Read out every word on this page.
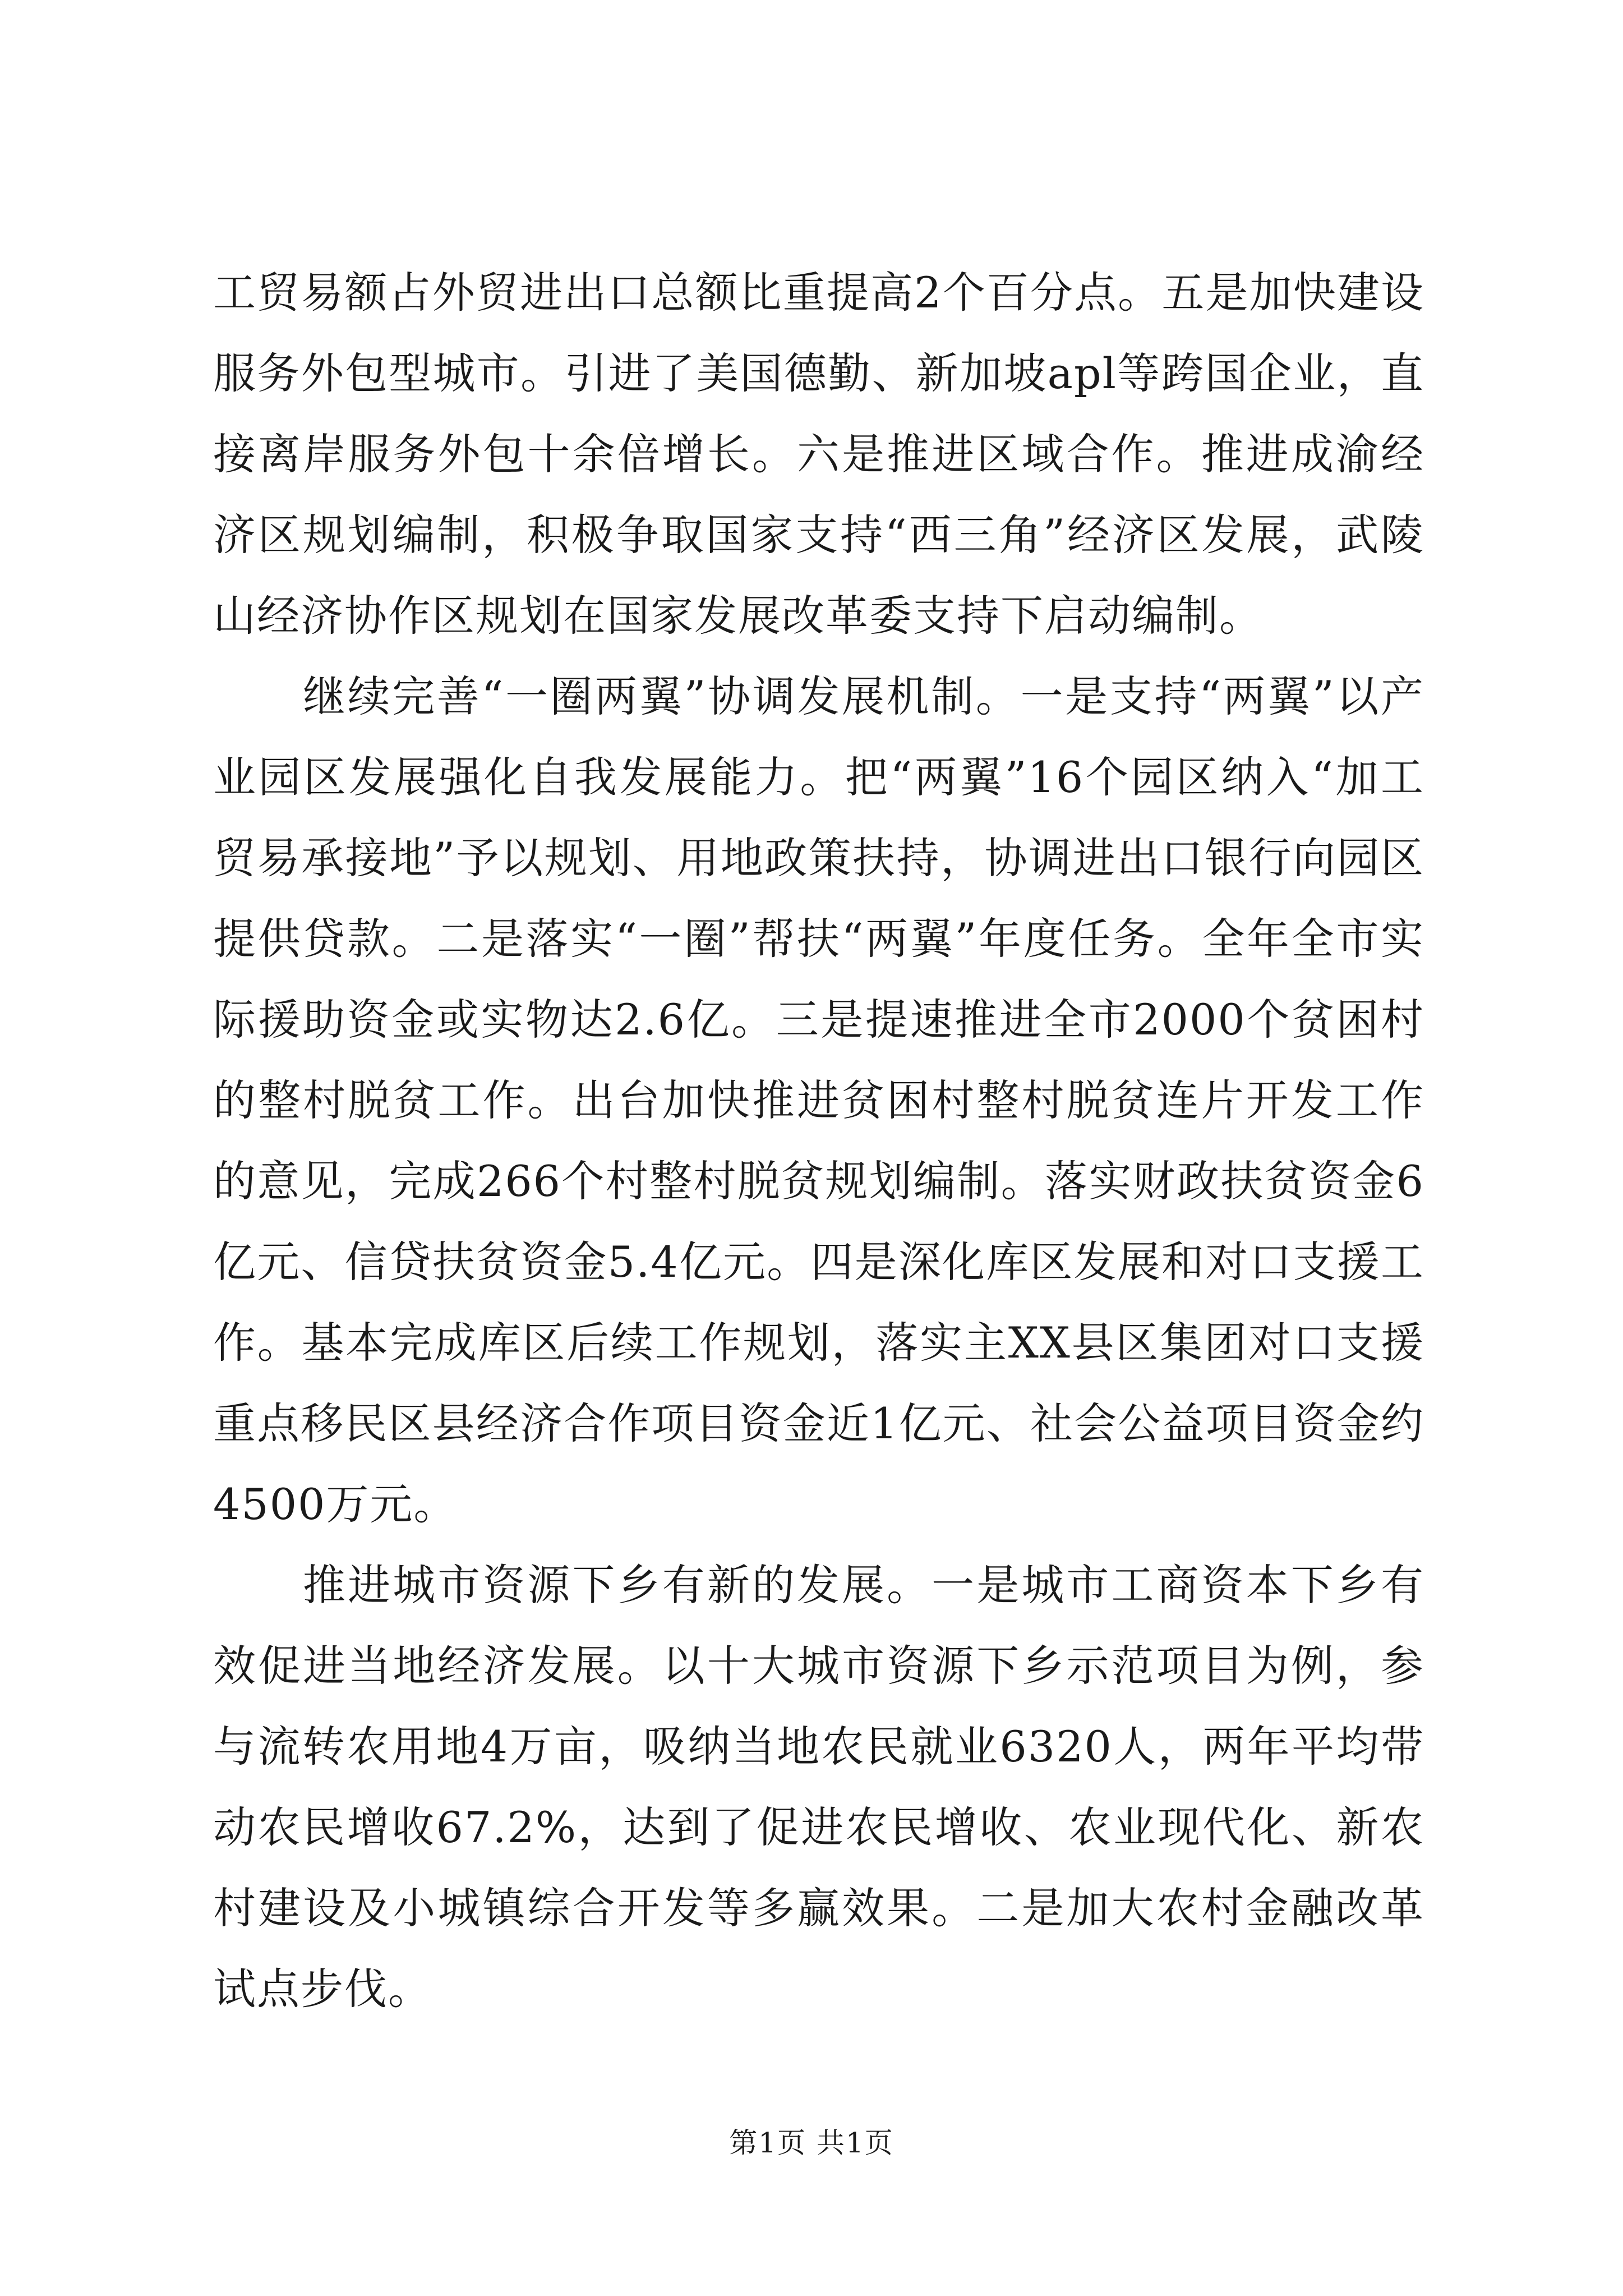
工贸易额占外贸进出口总额比重提高2个百分点。五是加快建设服务外包型城市。引进了美国德勤、新加坡apl等跨国企业，直接离岸服务外包十余倍增长。六是推进区域合作。推进成渝经济区规划编制，积极争取国家支持“西三角”经济区发展，武陵山经济协作区规划在国家发展改革委支持下启动编制。

继续完善“一圈两翼”协调发展机制。一是支持“两翼”以产业园区发展强化自我发展能力。把“两翼”16个园区纳入“加工贸易承接地”予以规划、用地政策扶持，协调进出口银行向园区提供贷款。二是落实“一圈”帮扶“两翼”年度任务。全年全市实际援助资金或实物达2.6亿。三是提速推进全市2000个贫困村的整村脱贫工作。出台加快推进贫困村整村脱贫连片开发工作的意见，完成266个村整村脱贫规划编制。落实财政扶贫资金6亿元、信贷扶贫资金5.4亿元。四是深化库区发展和对口支援工作。基本完成库区后续工作规划，落实主XX县区集团对口支援重点移民区县经济合作项目资金近1亿元、社会公益项目资金约4500万元。

推进城市资源下乡有新的发展。一是城市工商资本下乡有效促进当地经济发展。以十大城市资源下乡示范项目为例，参与流转农用地4万亩，吸纳当地农民就业6320人，两年平均带动农民增收67.2%，达到了促进农民增收、农业现代化、新农村建设及小城镇综合开发等多赢效果。二是加大农村金融改革试点步伐。

第1页 共1页
